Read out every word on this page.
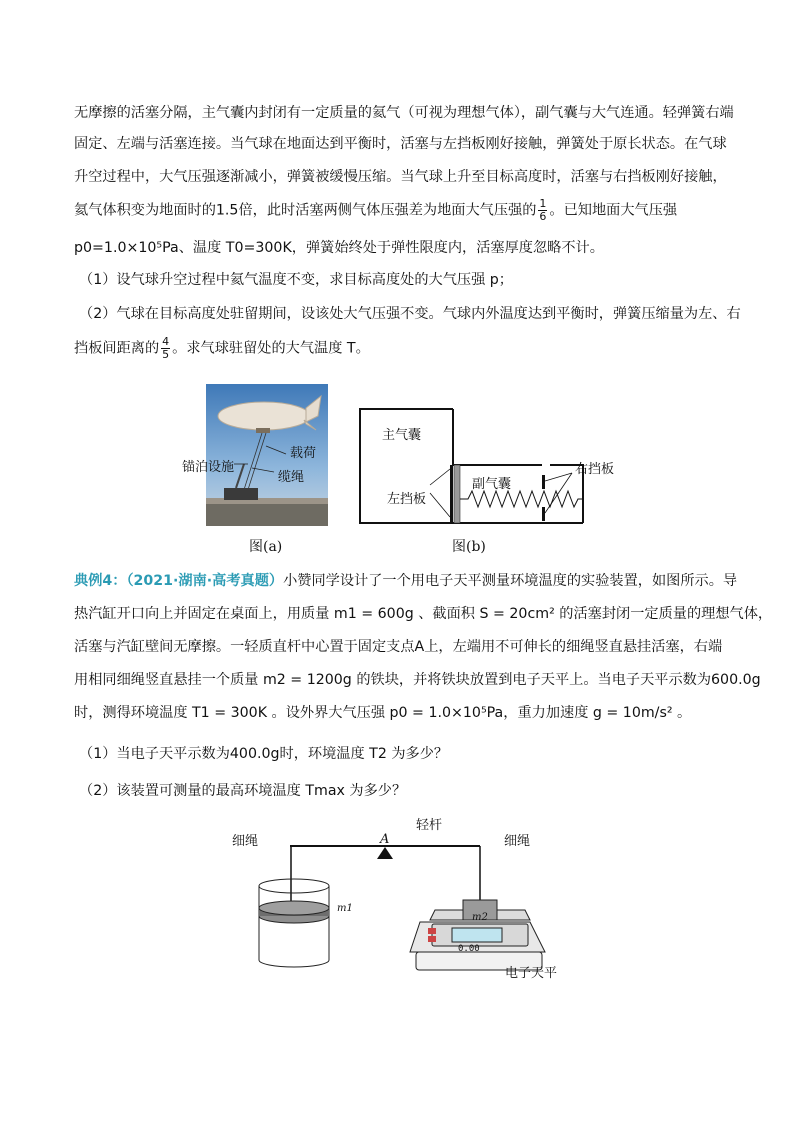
无摩擦的活塞分隔，主气囊内封闭有一定质量的氦气（可视为理想气体），副气囊与大气连通。轻弹簧右端
固定、左端与活塞连接。当气球在地面达到平衡时，活塞与左挡板刚好接触，弹簧处于原长状态。在气球
升空过程中，大气压强逐渐减小，弹簧被缓慢压缩。当气球上升至目标高度时，活塞与右挡板刚好接触，
氦气体积变为地面时的1.5倍，此时活塞两侧气体压强差为地面大气压强的 $\frac{1}{6}$ 。已知地面大气压强
p0=1.0×10⁵Pa、温度 T0=300K，弹簧始终处于弹性限度内，活塞厚度忽略不计。
（1）设气球升空过程中氦气温度不变，求目标高度处的大气压强 p；
（2）气球在目标高度处驻留期间，设该处大气压强不变。气球内外温度达到平衡时，弹簧压缩量为左、右
挡板间距离的 $\frac{4}{5}$ 。求气球驻留处的大气温度 T。
载荷
锚泊设施
缆绳
图(a)
主气囊
副气囊
左挡板
右挡板
图(b)
典例4：（2021·湖南·高考真题）小赞同学设计了一个用电子天平测量环境温度的实验装置，如图所示。导
热汽缸开口向上并固定在桌面上，用质量 m1 = 600g 、截面积 S = 20cm² 的活塞封闭一定质量的理想气体，
活塞与汽缸壁间无摩擦。一轻质直杆中心置于固定支点A上，左端用不可伸长的细绳竖直悬挂活塞，右端
用相同细绳竖直悬挂一个质量 m2 = 1200g 的铁块，并将铁块放置到电子天平上。当电子天平示数为600.0g
时，测得环境温度 T1 = 300K 。设外界大气压强 p0 = 1.0×10⁵Pa，重力加速度 g = 10m/s² 。
（1）当电子天平示数为400.0g时，环境温度 T2 为多少？
（2）该装置可测量的最高环境温度 Tmax 为多少？
细绳
轻杆
细绳
A
m1
m2
0.00
电子天平
